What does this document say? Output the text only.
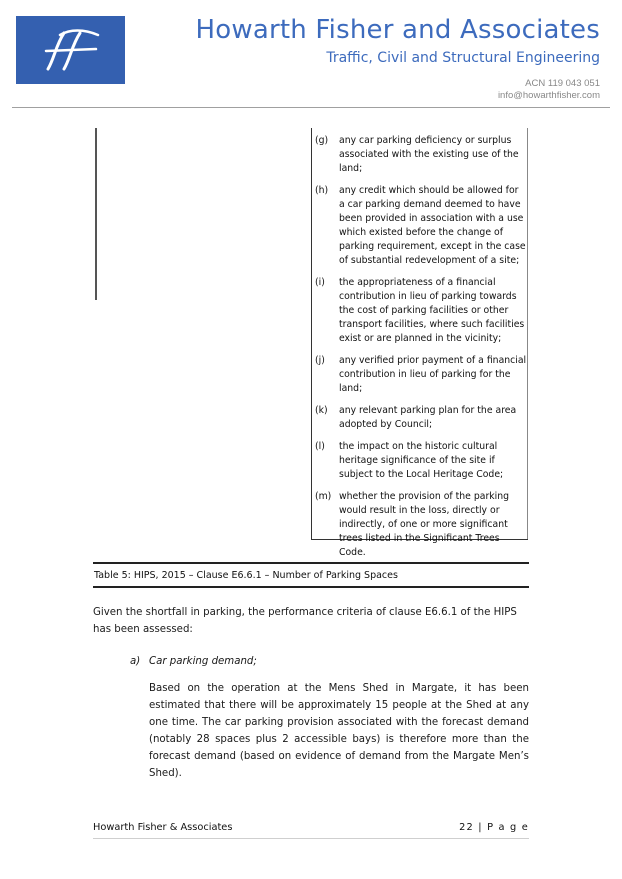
Howarth Fisher and Associates
Traffic, Civil and Structural Engineering
ACN 119 043 051
info@howarthfisher.com
(g)	any car parking deficiency or surplus associated with the existing use of the land;
(h)	any credit which should be allowed for a car parking demand deemed to have been provided in association with a use which existed before the change of parking requirement, except in the case of substantial redevelopment of a site;
(i)	the appropriateness of a financial contribution in lieu of parking towards the cost of parking facilities or other transport facilities, where such facilities exist or are planned in the vicinity;
(j)	any verified prior payment of a financial contribution in lieu of parking for the land;
(k)	any relevant parking plan for the area adopted by Council;
(l)	the impact on the historic cultural heritage significance of the site if subject to the Local Heritage Code;
(m) whether the provision of the parking would result in the loss, directly or indirectly, of one or more significant trees listed in the Significant Trees Code.
Table 5: HIPS, 2015 – Clause E6.6.1 – Number of Parking Spaces
Given the shortfall in parking, the performance criteria of clause E6.6.1 of the HIPS has been assessed:
a) Car parking demand;
Based on the operation at the Mens Shed in Margate, it has been estimated that there will be approximately 15 people at the Shed at any one time. The car parking provision associated with the forecast demand (notably 28 spaces plus 2 accessible bays) is therefore more than the forecast demand (based on evidence of demand from the Margate Men’s Shed).
Howarth Fisher & Associates	22 | P a g e
